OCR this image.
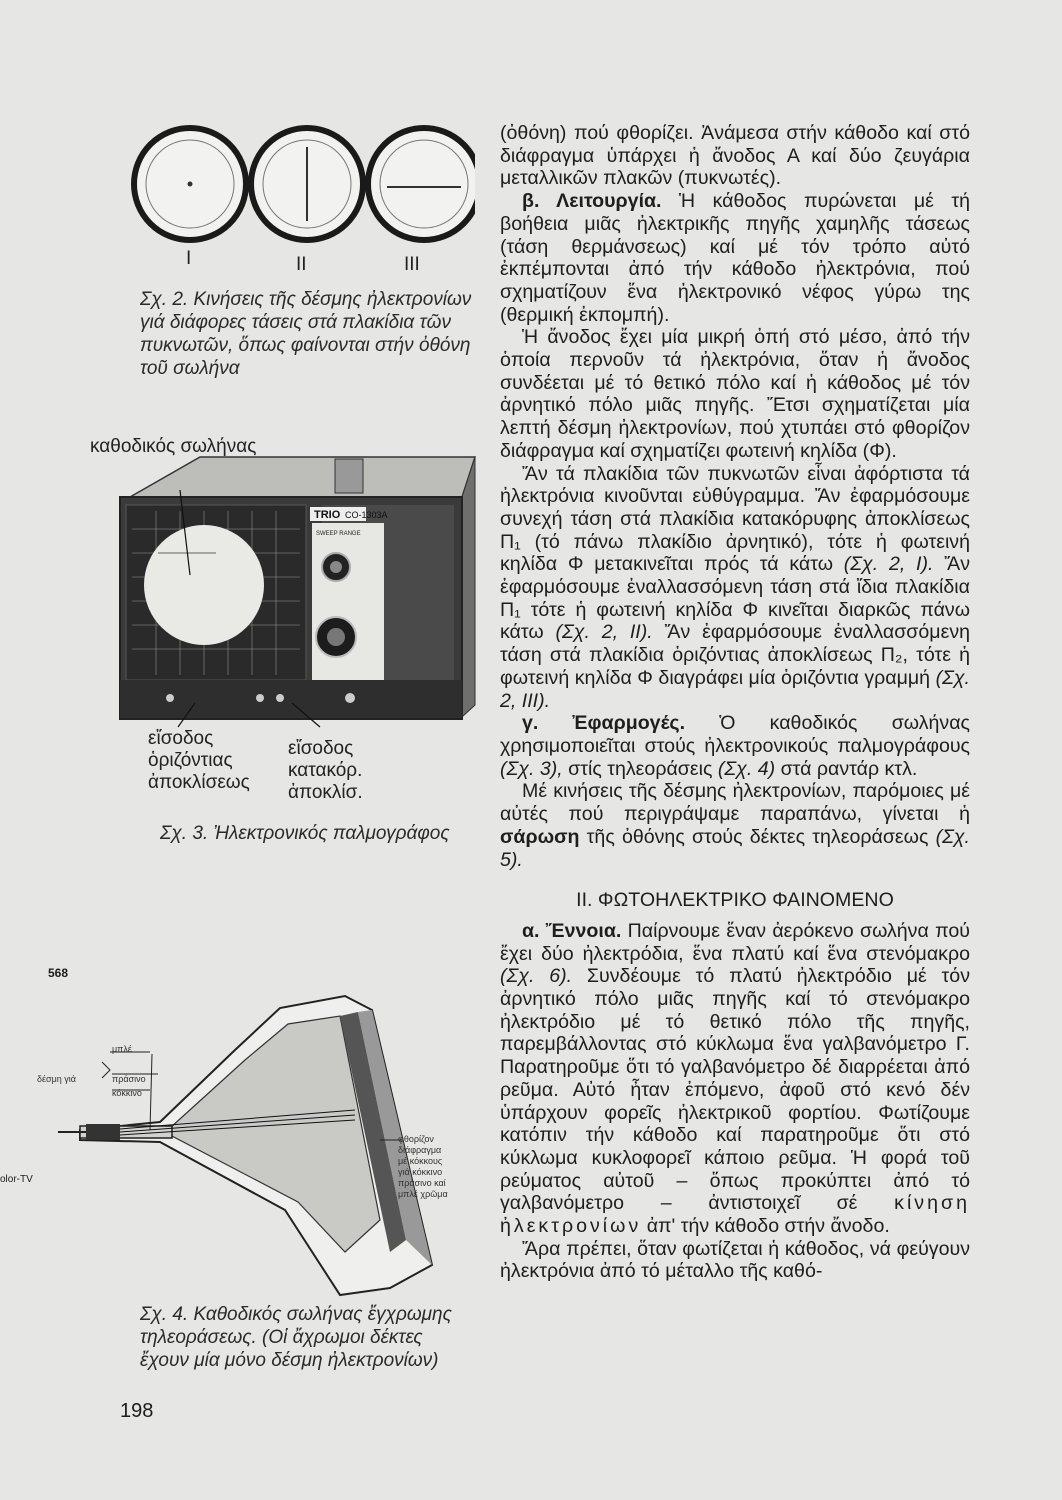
I	II	III
Σχ. 2. Κινήσεις τῆς δέσμης ἠλεκτρονίων γιά διάφορες τάσεις στά πλακίδια τῶν πυκνωτῶν, ὅπως φαίνονται στήν ὀθόνη τοῦ σωλήνα
καθοδικός σωλήνας
TRIO CO-1303A
SWEEP RANGE
εἴσοδος
ὁριζόντιας
ἀποκλίσεως
εἴσοδος
κατακόρ.
ἀποκλίσ.
Σχ. 3. Ἠλεκτρονικός παλμογράφος
568
olor-TV
δέσμη γιά
μπλέ
πράσινο
κόκκινο
φθορίζον
διάφραγμα
μέ κόκκους
γιά κόκκινο
πράσινο καί
μπλέ χρῶμα
Σχ. 4. Καθοδικός σωλήνας ἔγχρωμης τηλεοράσεως. (Οἱ ἄχρωμοι δέκτες ἔχουν μία μόνο δέσμη ἠλεκτρονίων)
198

(ὀθόνη) πού φθορίζει. Ἀνάμεσα στήν κάθοδο καί στό διάφραγμα ὑπάρχει ἡ ἄνοδος Α καί δύο ζευγάρια μεταλλικῶν πλακῶν (πυκνωτές).

β. Λειτουργία. Ἡ κάθοδος πυρώνεται μέ τή βοήθεια μιᾶς ἠλεκτρικῆς πηγῆς χαμηλῆς τάσεως (τάση θερμάνσεως) καί μέ τόν τρόπο αὐτό ἐκπέμπονται ἀπό τήν κάθοδο ἠλεκτρόνια, πού σχηματίζουν ἕνα ἠλεκτρονικό νέφος γύρω της (θερμική ἐκπομπή).

Ἡ ἄνοδος ἔχει μία μικρή ὀπή στό μέσο, ἀπό τήν ὁποία περνοῦν τά ἠλεκτρόνια, ὅταν ἡ ἄνοδος συνδέεται μέ τό θετικό πόλο καί ἡ κάθοδος μέ τόν ἀρνητικό πόλο μιᾶς πηγῆς. Ἔτσι σχηματίζεται μία λεπτή δέσμη ἠλεκτρονίων, πού χτυπάει στό φθορίζον διάφραγμα καί σχηματίζει φωτεινή κηλίδα (Φ).

Ἄν τά πλακίδια τῶν πυκνωτῶν εἶναι ἀφόρτιστα τά ἠλεκτρόνια κινοῦνται εὐθύγραμμα. Ἄν ἐφαρμόσουμε συνεχή τάση στά πλακίδια κατακόρυφης ἀποκλίσεως Π₁ (τό πάνω πλακίδιο ἀρνητικό), τότε ἡ φωτεινή κηλίδα Φ μετακινεῖται πρός τά κάτω (Σχ. 2, I). Ἄν ἐφαρμόσουμε ἐναλλασσόμενη τάση στά ἴδια πλακίδια Π₁ τότε ἡ φωτεινή κηλίδα Φ κινεῖται διαρκῶς πάνω κάτω (Σχ. 2, II). Ἄν ἐφαρμόσουμε ἐναλλασσόμενη τάση στά πλακίδια ὁριζόντιας ἀποκλίσεως Π₂, τότε ἡ φωτεινή κηλίδα Φ διαγράφει μία ὁριζόντια γραμμή (Σχ. 2, III).

γ. Ἐφαρμογές. Ὁ καθοδικός σωλήνας χρησιμοποιεῖται στούς ἠλεκτρονικούς παλμογράφους (Σχ. 3), στίς τηλεοράσεις (Σχ. 4) στά ραντάρ κτλ.

Μέ κινήσεις τῆς δέσμης ἠλεκτρονίων, παρόμοιες μέ αὐτές πού περιγράψαμε παραπάνω, γίνεται ἡ σάρωση τῆς ὀθόνης στούς δέκτες τηλεοράσεως (Σχ. 5).

II. ΦΩΤΟΗΛΕΚΤΡΙΚΟ ΦΑΙΝΟΜΕΝΟ

α. Ἔννοια. Παίρνουμε ἕναν ἀερόκενο σωλήνα πού ἔχει δύο ἠλεκτρόδια, ἕνα πλατύ καί ἕνα στενόμακρο (Σχ. 6). Συνδέουμε τό πλατύ ἠλεκτρόδιο μέ τόν ἀρνητικό πόλο μιᾶς πηγῆς καί τό στενόμακρο ἠλεκτρόδιο μέ τό θετικό πόλο τῆς πηγῆς, παρεμβάλλοντας στό κύκλωμα ἕνα γαλβανόμετρο Γ. Παρατηροῦμε ὅτι τό γαλβανόμετρο δέ διαρρέεται ἀπό ρεῦμα. Αὐτό ἦταν ἐπόμενο, ἀφοῦ στό κενό δέν ὑπάρχουν φορεῖς ἠλεκτρικοῦ φορτίου. Φωτίζουμε κατόπιν τήν κάθοδο καί παρατηροῦμε ὅτι στό κύκλωμα κυκλοφορεῖ κάποιο ρεῦμα. Ἡ φορά τοῦ ρεύματος αὐτοῦ – ὅπως προκύπτει ἀπό τό γαλβανόμετρο – ἀντιστοιχεῖ σέ κίνηση ἠλεκτρονίων ἀπ' τήν κάθοδο στήν ἄνοδο.

Ἄρα πρέπει, ὅταν φωτίζεται ἡ κάθοδος, νά φεύγουν ἠλεκτρόνια ἀπό τό μέταλλο τῆς καθό-
